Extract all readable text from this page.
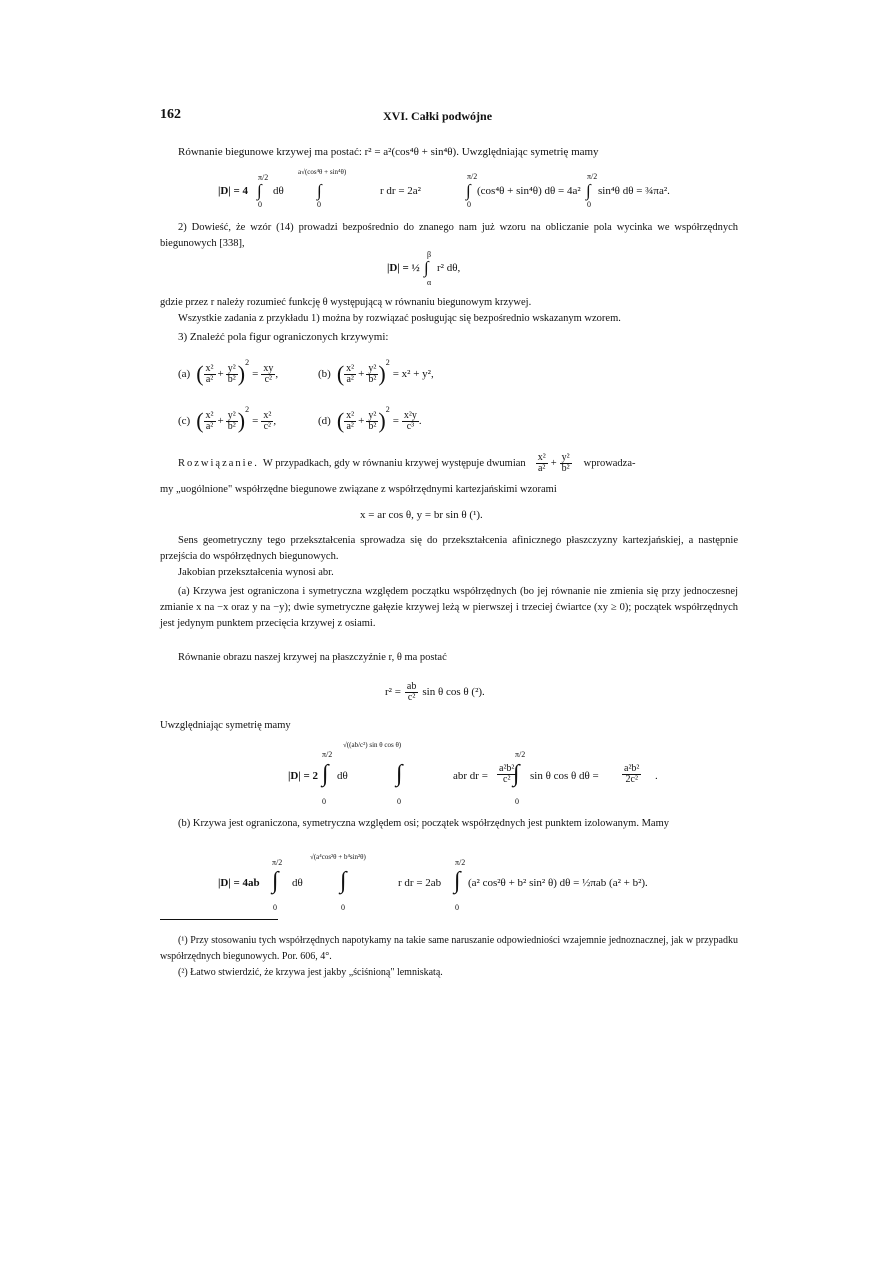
162	XVI. Całki podwójne
Równanie biegunowe krzywej ma postać: r² = a²(cos⁴θ + sin⁴θ). Uwzględniając symetrię mamy
π/2
a√(cos⁴θ + sin⁴θ)	π/2	π/2
|D| = 4 ∫ dθ ∫	r dr = 2a²	∫ (cos⁴θ + sin⁴θ) dθ = 4a² ∫ sin⁴θ dθ = ¾πa².
0	0	0	0
2) Dowieść, że wzór (14) prowadzi bezpośrednio do znanego nam już wzoru na obliczanie pola wycinka we współrzędnych biegunowych [338],
β
|D| = ½ ∫ r² dθ,
α
gdzie przez r należy rozumieć funkcję θ występującą w równaniu biegunowym krzywej.
Wszystkie zadania z przykładu 1) można by rozwiązać posługując się bezpośrednio wskazanym wzorem.
3) Znaleźć pola figur ograniczonych krzywymi:
(a) ( $\frac{\text{x²}}{\text{a²}} + \frac{\text{y²}}{\text{b²}}$ ) 2
= $\frac{xy}{\text{c²}}$ ,	(b) ( $\frac{\text{x²}}{\text{a²}} + \frac{\text{y²}}{\text{b²}}$ ) 2
= x² + y²,
(c) ( $\frac{\text{x²}}{\text{a²}} + \frac{\text{y²}}{\text{b²}}$ ) 2
= $\frac{\text{x²}}{\text{c²}}$ ,	(d) ( $\frac{\text{x²}}{\text{a²}} + \frac{\text{y²}}{\text{b²}}$ ) 2
= $\frac{\text{x²y}}{\text{c³}}$ .
Rozwiązanie. W przypadkach, gdy w równaniu krzywej występuje dwumian $\frac{\text{x²}}{\text{a²}} + \frac{\text{y²}}{\text{b²}}$ wprowadza-
my „uogólnione" współrzędne biegunowe związane z współrzędnymi kartezjańskimi wzorami
x = ar cos θ, y = br sin θ (¹).
Sens geometryczny tego przekształcenia sprowadza się do przekształcenia afinicznego płaszczyzny kartezjańskiej, a następnie przejścia do współrzędnych biegunowych.
Jakobian przekształcenia wynosi abr.
(a) Krzywa jest ograniczona i symetryczna względem początku współrzędnych (bo jej równanie nie zmienia się przy jednoczesnej zmianie x na −x oraz y na −y); dwie symetryczne gałęzie krzywej leżą w pierwszej i trzeciej ćwiartce (xy ≥ 0); początek współrzędnych jest jedynym punktem przecięcia krzywej z osiami.
Równanie obrazu naszej krzywej na płaszczyźnie r, θ ma postać
$r^2 = \frac{ab}{\text{c²}}$ sin θ cos θ (²).
Uwzględniając symetrię mamy
π/2
√((ab/c²) sin θ cos θ)
π/2
|D| = 2 ∫ dθ ∫	abr dr = $\frac{\text{a²b²}}{\text{c²}}$
∫ sin θ cos θ $d\theta = \frac{\text{a²b²}}{\text{2c²}}$ .
0	0	0
(b) Krzywa jest ograniczona, symetryczna względem osi; początek współrzędnych jest punktem izolowanym. Mamy
π/2
√(a⁴cos²θ + b⁴sin²θ)
π/2
|D| = 4ab ∫ dθ ∫	r dr = 2ab ∫ (a² cos²θ + b² sin² θ) dθ = ½πab (a² + b²).
0	0	0
(¹) Przy stosowaniu tych współrzędnych napotykamy na takie same naruszanie odpowiedniości wzajemnie jednoznacznej, jak w przypadku współrzędnych biegunowych. Por. 606, 4°.
(²) Łatwo stwierdzić, że krzywa jest jakby „ściśnioną" lemniskatą.
